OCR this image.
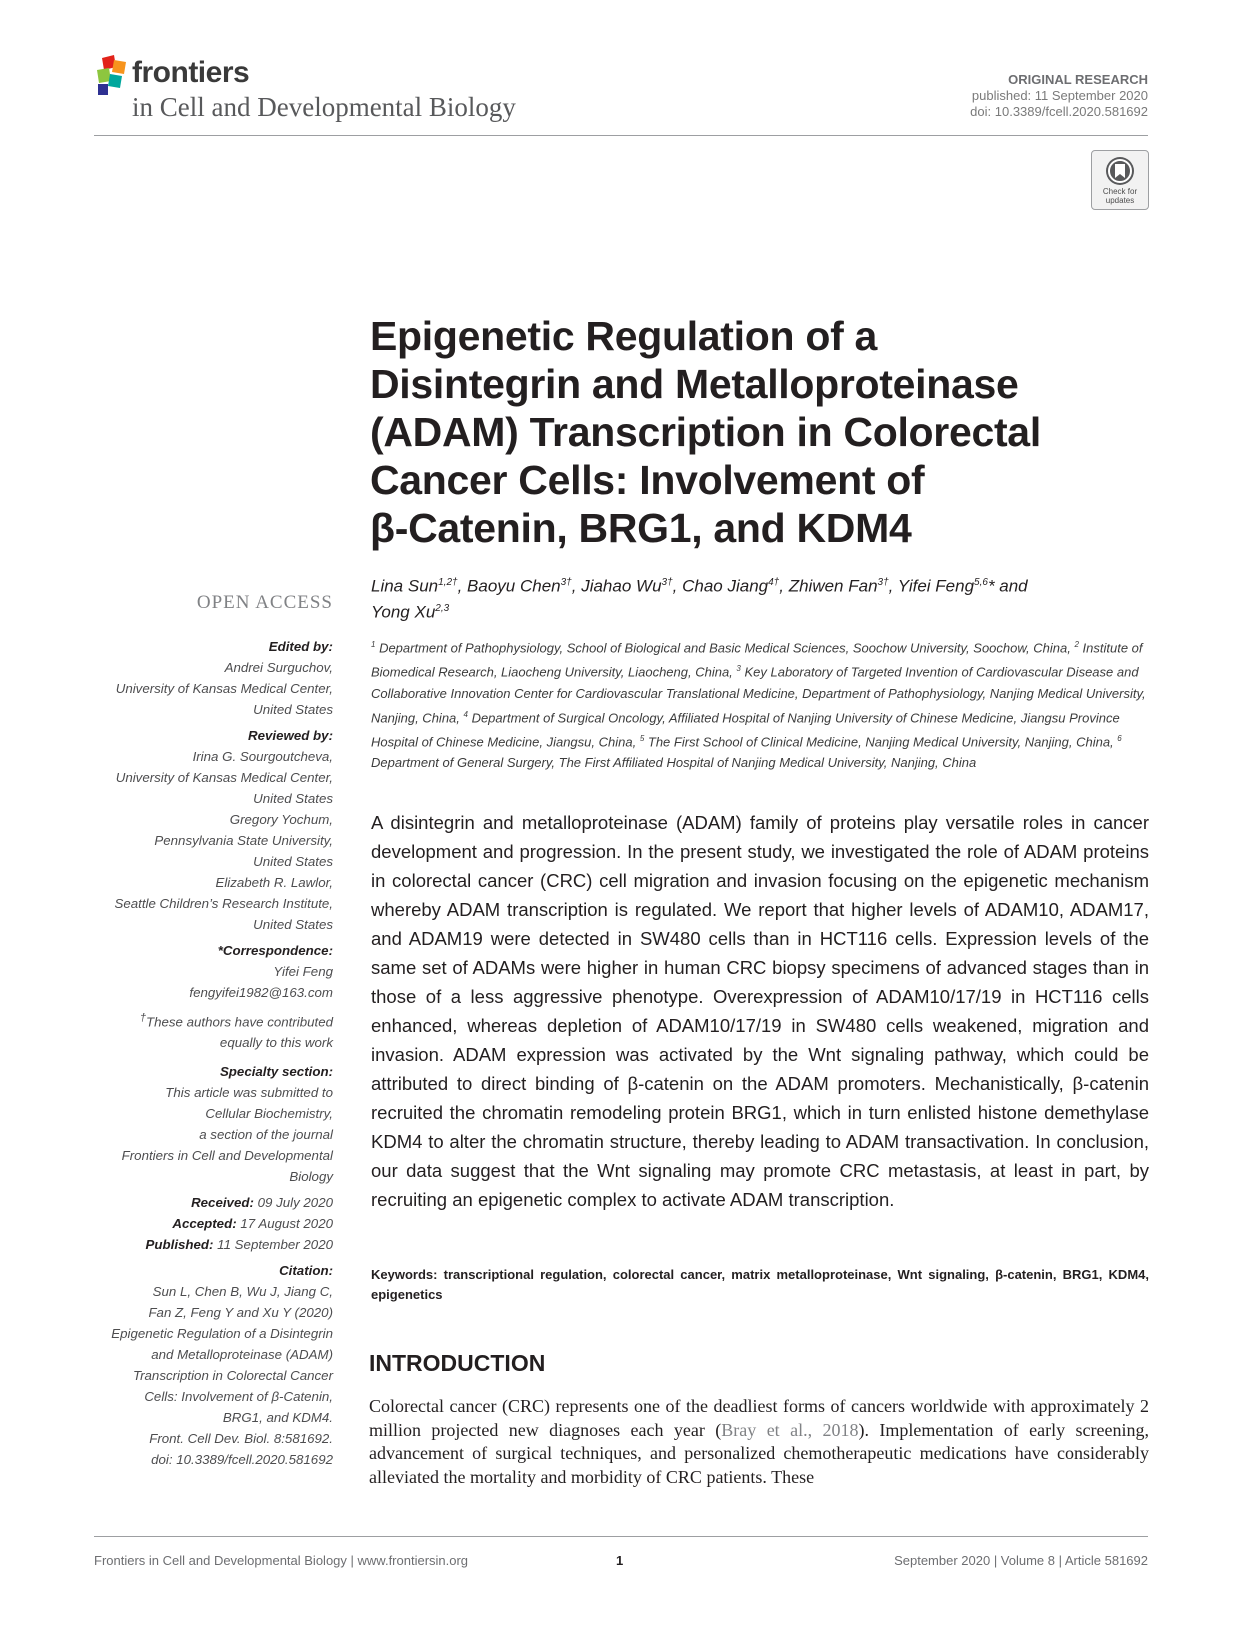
frontiers
in Cell and Developmental Biology
ORIGINAL RESEARCH
published: 11 September 2020
doi: 10.3389/fcell.2020.581692
Check for
updates
Epigenetic Regulation of a
Disintegrin and Metalloproteinase
(ADAM) Transcription in Colorectal
Cancer Cells: Involvement of
β-Catenin, BRG1, and KDM4
Lina Sun$^{1,2\dagger}$, Baoyu Chen$^{3\dagger}$, Jiahao $Wu^{3\dagger}$, Chao Jiang$^{4\dagger}$, Zhiwen Fan$^{3\dagger}$, Yifei Feng$^{5,6}$* and
Yong Xu$^{2,3}$
$^1$ Department of Pathophysiology, School of Biological and Basic Medical Sciences, Soochow University, Soochow, China, $^2$ Institute of Biomedical Research, Liaocheng University, Liaocheng, China, $^3$ Key Laboratory of Targeted Invention of Cardiovascular Disease and Collaborative Innovation Center for Cardiovascular Translational Medicine, Department of Pathophysiology, Nanjing Medical University, Nanjing, China, $^4$ Department of Surgical Oncology, Affiliated Hospital of Nanjing University of Chinese Medicine, Jiangsu Province Hospital of Chinese Medicine, Jiangsu, China, $^5$ The First School of Clinical Medicine, Nanjing Medical University, Nanjing, China, $^6$ Department of General Surgery, The First Affiliated Hospital of Nanjing Medical University, Nanjing, China

A disintegrin and metalloproteinase (ADAM) family of proteins play versatile roles in cancer development and progression. In the present study, we investigated the role of ADAM proteins in colorectal cancer (CRC) cell migration and invasion focusing on the epigenetic mechanism whereby ADAM transcription is regulated. We report that higher levels of ADAM10, ADAM17, and ADAM19 were detected in SW480 cells than in HCT116 cells. Expression levels of the same set of ADAMs were higher in human CRC biopsy specimens of advanced stages than in those of a less aggressive phenotype. Overexpression of ADAM10/17/19 in HCT116 cells enhanced, whereas depletion of ADAM10/17/19 in SW480 cells weakened, migration and invasion. ADAM expression was activated by the Wnt signaling pathway, which could be attributed to direct binding of β-catenin on the ADAM promoters. Mechanistically, β-catenin recruited the chromatin remodeling protein BRG1, which in turn enlisted histone demethylase KDM4 to alter the chromatin structure, thereby leading to ADAM transactivation. In conclusion, our data suggest that the Wnt signaling may promote CRC metastasis, at least in part, by recruiting an epigenetic complex to activate ADAM transcription.

Keywords: transcriptional regulation, colorectal cancer, matrix metalloproteinase, Wnt signaling, β-catenin, BRG1, KDM4, epigenetics

INTRODUCTION

Colorectal cancer (CRC) represents one of the deadliest forms of cancers worldwide with approximately 2 million projected new diagnoses each year (Bray et al., 2018). Implementation of early screening, advancement of surgical techniques, and personalized chemotherapeutic medications have considerably alleviated the mortality and morbidity of CRC patients. These

OPEN ACCESS
Edited by:
Andrei Surguchov,
University of Kansas Medical Center,
United States
Reviewed by:
Irina G. Sourgoutcheva,
University of Kansas Medical Center,
United States
Gregory Yochum,
Pennsylvania State University,
United States
Elizabeth R. Lawlor,
Seattle Children’s Research Institute,
United States
*Correspondence:
Yifei Feng
fengyifei1982@163.com
†These authors have contributed
equally to this work
Specialty section:
This article was submitted to
Cellular Biochemistry,
a section of the journal
Frontiers in Cell and Developmental
Biology
Received: 09 July 2020
Accepted: 17 August 2020
Published: 11 September 2020
Citation:
Sun L, Chen B, Wu J, Jiang C,
Fan Z, Feng Y and Xu Y (2020)
Epigenetic Regulation of a Disintegrin
and Metalloproteinase (ADAM)
Transcription in Colorectal Cancer
Cells: Involvement of β-Catenin,
BRG1, and KDM4.
Front. Cell Dev. Biol. 8:581692.
doi: 10.3389/fcell.2020.581692
Frontiers in Cell and Developmental Biology | www.frontiersin.org	1	September 2020 | Volume 8 | Article 581692
